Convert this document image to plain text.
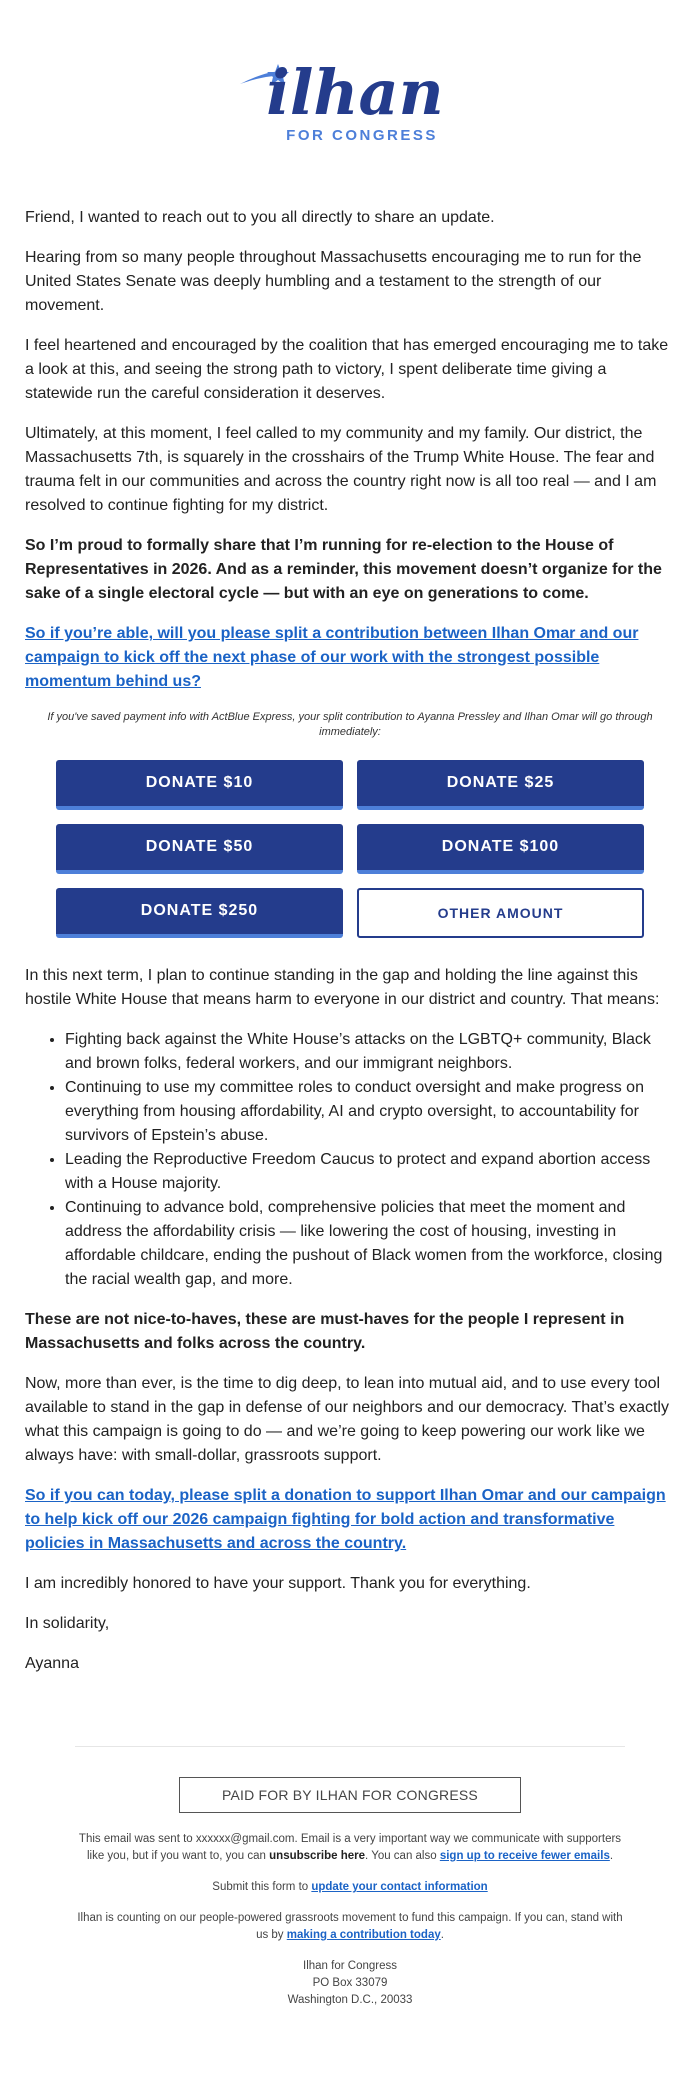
ilhan
FOR CONGRESS

Friend, I wanted to reach out to you all directly to share an update.

Hearing from so many people throughout Massachusetts encouraging me to run for the United States Senate was deeply humbling and a testament to the strength of our movement.

I feel heartened and encouraged by the coalition that has emerged encouraging me to take a look at this, and seeing the strong path to victory, I spent deliberate time giving a statewide run the careful consideration it deserves.

Ultimately, at this moment, I feel called to my community and my family. Our district, the Massachusetts 7th, is squarely in the crosshairs of the Trump White House. The fear and trauma felt in our communities and across the country right now is all too real — and I am resolved to continue fighting for my district.

So I’m proud to formally share that I’m running for re-election to the House of Representatives in 2026. And as a reminder, this movement doesn’t organize for the sake of a single electoral cycle — but with an eye on generations to come.

So if you’re able, will you please split a contribution between Ilhan Omar and our campaign to kick off the next phase of our work with the strongest possible momentum behind us?

If you've saved payment info with ActBlue Express, your split contribution to Ayanna Pressley and Ilhan Omar will go through immediately:
DONATE $10	DONATE $25
DONATE $50	DONATE $100
DONATE $250	OTHER AMOUNT

In this next term, I plan to continue standing in the gap and holding the line against this hostile White House that means harm to everyone in our district and country. That means:

• Fighting back against the White House’s attacks on the LGBTQ+ community, Black and brown folks, federal workers, and our immigrant neighbors.
• Continuing to use my committee roles to conduct oversight and make progress on everything from housing affordability, AI and crypto oversight, to accountability for survivors of Epstein’s abuse.
• Leading the Reproductive Freedom Caucus to protect and expand abortion access with a House majority.
• Continuing to advance bold, comprehensive policies that meet the moment and address the affordability crisis — like lowering the cost of housing, investing in affordable childcare, ending the pushout of Black women from the workforce, closing the racial wealth gap, and more.

These are not nice-to-haves, these are must-haves for the people I represent in Massachusetts and folks across the country.

Now, more than ever, is the time to dig deep, to lean into mutual aid, and to use every tool available to stand in the gap in defense of our neighbors and our democracy. That’s exactly what this campaign is going to do — and we’re going to keep powering our work like we always have: with small-dollar, grassroots support.

So if you can today, please split a donation to support Ilhan Omar and our campaign to help kick off our 2026 campaign fighting for bold action and transformative policies in Massachusetts and across the country.

I am incredibly honored to have your support. Thank you for everything.

In solidarity,

Ayanna

PAID FOR BY ILHAN FOR CONGRESS
This email was sent to xxxxxx@gmail.com. Email is a very important way we communicate with supporters like you, but if you want to, you can unsubscribe here. You can also sign up to receive fewer emails.
Submit this form to update your contact information
Ilhan is counting on our people-powered grassroots movement to fund this campaign. If you can, stand with us by making a contribution today.
Ilhan for Congress
PO Box 33079
Washington D.C., 20033
